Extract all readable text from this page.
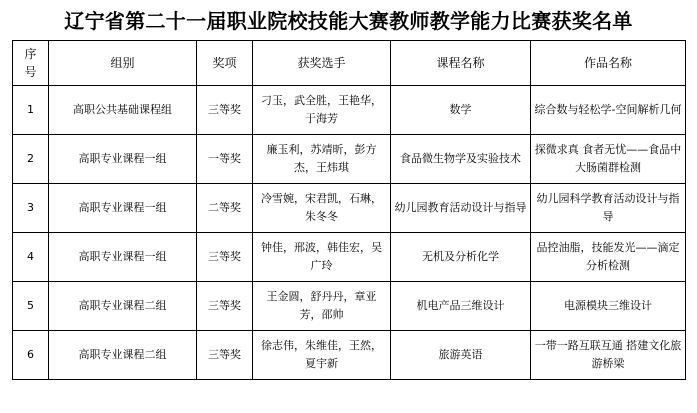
辽宁省第二十一届职业院校技能大赛教师教学能力比赛获奖名单
序号	组别	奖项	获奖选手	课程名称	作品名称
1	高职公共基础课程组	三等奖	刁玉，武全胜，王艳华，于海芳	数学	综合数与轻松学-空间解析几何

2	高职专业课程一组	一等奖	廉玉利，苏靖昕，彭方杰，王炜琪	食品微生物学及实验技术	探微求真 食者无忧——食品中大肠菌群检测

3	高职专业课程一组	二等奖	冷雪婉，宋君凯，石琳，朱冬冬	幼儿园教育活动设计与指导	幼儿园科学教育活动设计与指导

4	高职专业课程一组	三等奖	钟佳，邢波，韩佳宏，吴广玲	无机及分析化学	品控油脂，技能发光——滴定分析检测

5	高职专业课程二组	三等奖	王金圆，舒丹丹，章亚芳，邵帅	机电产品三维设计	电源模块三维设计

6	高职专业课程二组	三等奖	徐志伟，朱维佳，王然，夏宇新	旅游英语	一带一路互联互通 搭建文化旅游桥梁
